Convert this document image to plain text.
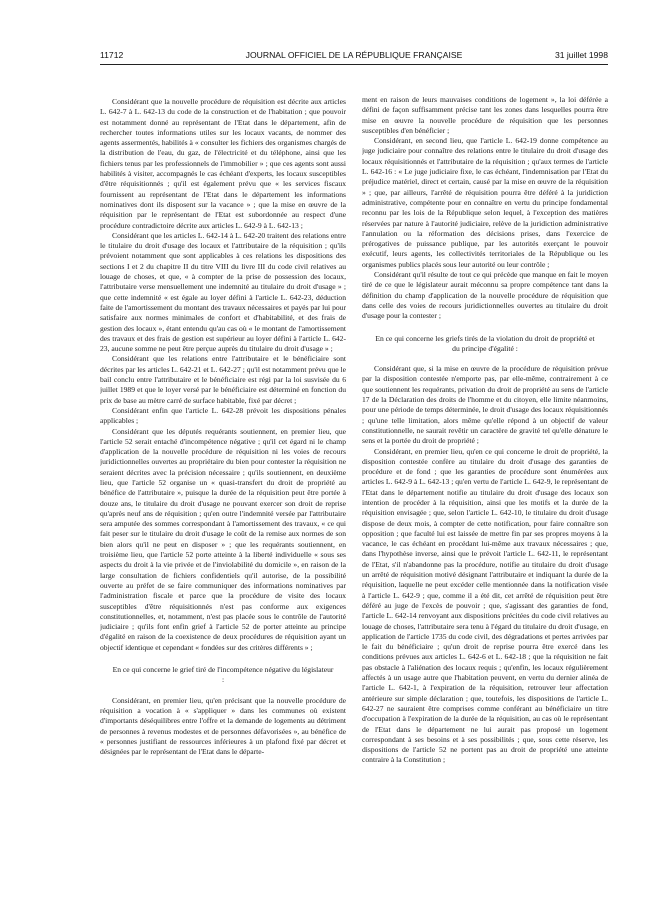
11712	JOURNAL OFFICIEL DE LA RÉPUBLIQUE FRANÇAISE	31 juillet 1998

Considérant que la nouvelle procédure de réquisition est décrite aux articles L. 642-7 à L. 642-13 du code de la construction et de l'habitation ; que pouvoir est notamment donné au représentant de l'Etat dans le département, afin de rechercher toutes informations utiles sur les locaux vacants, de nommer des agents assermentés, habilités à « consulter les fichiers des organismes chargés de la distribution de l'eau, du gaz, de l'électricité et du téléphone, ainsi que les fichiers tenus par les professionnels de l'immobilier » ; que ces agents sont aussi habilités à visiter, accompagnés le cas échéant d'experts, les locaux susceptibles d'être réquisitionnés ; qu'il est également prévu que « les services fiscaux fournissent au représentant de l'Etat dans le département les informations nominatives dont ils disposent sur la vacance » ; que la mise en œuvre de la réquisition par le représentant de l'Etat est subordonnée au respect d'une procédure contradictoire décrite aux articles L. 642-9 à L. 642-13 ;

Considérant que les articles L. 642-14 à L. 642-20 traitent des relations entre le titulaire du droit d'usage des locaux et l'attributaire de la réquisition ; qu'ils prévoient notamment que sont applicables à ces relations les dispositions des sections I et 2 du chapitre II du titre VIII du livre III du code civil relatives au louage de choses, et que, « à compter de la prise de possession des locaux, l'attributaire verse mensuellement une indemnité au titulaire du droit d'usage » ; que cette indemnité « est égale au loyer défini à l'article L. 642-23, déduction faite de l'amortissement du montant des travaux nécessaires et payés par lui pour satisfaire aux normes minimales de confort et d'habitabilité, et des frais de gestion des locaux », étant entendu qu'au cas où « le montant de l'amortissement des travaux et des frais de gestion est supérieur au loyer défini à l'article L. 642-23, aucune somme ne peut être perçue auprès du titulaire du droit d'usage » ;

Considérant que les relations entre l'attributaire et le bénéficiaire sont décrites par les articles L. 642-21 et L. 642-27 ; qu'il est notamment prévu que le bail conclu entre l'attributaire et le bénéficiaire est régi par la loi susvisée du 6 juillet 1989 et que le loyer versé par le bénéficiaire est déterminé en fonction du prix de base au mètre carré de surface habitable, fixé par décret ;

Considérant enfin que l'article L. 642-28 prévoit les dispositions pénales applicables ;

Considérant que les députés requérants soutiennent, en premier lieu, que l'article 52 serait entaché d'incompétence négative ; qu'il cet égard ni le champ d'application de la nouvelle procédure de réquisition ni les voies de recours juridictionnelles ouvertes au propriétaire du bien pour contester la réquisition ne seraient décrites avec la précision nécessaire ; qu'ils soutiennent, en deuxième lieu, que l'article 52 organise un « quasi-transfert du droit de propriété au bénéfice de l'attributaire », puisque la durée de la réquisition peut être portée à douze ans, le titulaire du droit d'usage ne pouvant exercer son droit de reprise qu'après neuf ans de réquisition ; qu'en outre l'indemnité versée par l'attributaire sera amputée des sommes correspondant à l'amortissement des travaux, « ce qui fait peser sur le titulaire du droit d'usage le coût de la remise aux normes de son bien alors qu'il ne peut en disposer » ; que les requérants soutiennent, en troisième lieu, que l'article 52 porte atteinte à la liberté individuelle « sous ses aspects du droit à la vie privée et de l'inviolabilité du domicile », en raison de la large consultation de fichiers confidentiels qu'il autorise, de la possibilité ouverte au préfet de se faire communiquer des informations nominatives par l'administration fiscale et parce que la procédure de visite des locaux susceptibles d'être réquisitionnés n'est pas conforme aux exigences constitutionnelles, et, notamment, n'est pas placée sous le contrôle de l'autorité judiciaire ; qu'ils font enfin grief à l'article 52 de porter atteinte au principe d'égalité en raison de la coexistence de deux procédures de réquisition ayant un objectif identique et cependant « fondées sur des critères différents » ;

En ce qui concerne le grief tiré de l'incompétence négative du législateur :

Considérant, en premier lieu, qu'en précisant que la nouvelle procédure de réquisition a vocation à « s'appliquer » dans les communes où existent d'importants déséquilibres entre l'offre et la demande de logements au détriment de personnes à revenus modestes et de personnes défavorisées », au bénéfice de « personnes justifiant de ressources inférieures à un plafond fixé par décret et désignées par le représentant de l'Etat dans le départe-

ment en raison de leurs mauvaises conditions de logement », la loi déférée a défini de façon suffisamment précise tant les zones dans lesquelles pourra être mise en œuvre la nouvelle procédure de réquisition que les personnes susceptibles d'en bénéficier ;

Considérant, en second lieu, que l'article L. 642-19 donne compétence au juge judiciaire pour connaître des relations entre le titulaire du droit d'usage des locaux réquisitionnés et l'attributaire de la réquisition ; qu'aux termes de l'article L. 642-16 : « Le juge judiciaire fixe, le cas échéant, l'indemnisation par l'Etat du préjudice matériel, direct et certain, causé par la mise en œuvre de la réquisition » ; que, par ailleurs, l'arrêté de réquisition pourra être déféré à la juridiction administrative, compétente pour en connaître en vertu du principe fondamental reconnu par les lois de la République selon lequel, à l'exception des matières réservées par nature à l'autorité judiciaire, relève de la juridiction administrative l'annulation ou la réformation des décisions prises, dans l'exercice de prérogatives de puissance publique, par les autorités exerçant le pouvoir exécutif, leurs agents, les collectivités territoriales de la République ou les organismes publics placés sous leur autorité ou leur contrôle ;

Considérant qu'il résulte de tout ce qui précède que manque en fait le moyen tiré de ce que le législateur aurait méconnu sa propre compétence tant dans la définition du champ d'application de la nouvelle procédure de réquisition que dans celle des voies de recours juridictionnelles ouvertes au titulaire du droit d'usage pour la contester ;

En ce qui concerne les griefs tirés de la violation du droit de propriété et du principe d'égalité :

Considérant que, si la mise en œuvre de la procédure de réquisition prévue par la disposition contestée n'emporte pas, par elle-même, contrairement à ce que soutiennent les requérants, privation du droit de propriété au sens de l'article 17 de la Déclaration des droits de l'homme et du citoyen, elle limite néanmoins, pour une période de temps déterminée, le droit d'usage des locaux réquisitionnés ; qu'une telle limitation, alors même qu'elle répond à un objectif de valeur constitutionnelle, ne saurait revêtir un caractère de gravité tel qu'elle dénature le sens et la portée du droit de propriété ;

Considérant, en premier lieu, qu'en ce qui concerne le droit de propriété, la disposition contestée confère au titulaire du droit d'usage des garanties de procédure et de fond ; que les garanties de procédure sont énumérées aux articles L. 642-9 à L. 642-13 ; qu'en vertu de l'article L. 642-9, le représentant de l'Etat dans le département notifie au titulaire du droit d'usage des locaux son intention de procéder à la réquisition, ainsi que les motifs et la durée de la réquisition envisagée ; que, selon l'article L. 642-10, le titulaire du droit d'usage dispose de deux mois, à compter de cette notification, pour faire connaître son opposition ; que faculté lui est laissée de mettre fin par ses propres moyens à la vacance, le cas échéant en procédant lui-même aux travaux nécessaires ; que, dans l'hypothèse inverse, ainsi que le prévoit l'article L. 642-11, le représentant de l'Etat, s'il n'abandonne pas la procédure, notifie au titulaire du droit d'usage un arrêté de réquisition motivé désignant l'attributaire et indiquant la durée de la réquisition, laquelle ne peut excéder celle mentionnée dans la notification visée à l'article L. 642-9 ; que, comme il a été dit, cet arrêté de réquisition peut être déféré au juge de l'excès de pouvoir ; que, s'agissant des garanties de fond, l'article L. 642-14 renvoyant aux dispositions précitées du code civil relatives au louage de choses, l'attributaire sera tenu à l'égard du titulaire du droit d'usage, en application de l'article 1735 du code civil, des dégradations et pertes arrivées par le fait du bénéficiaire ; qu'un droit de reprise pourra être exercé dans les conditions prévues aux articles L. 642-6 et L. 642-18 ; que la réquisition ne fait pas obstacle à l'aliénation des locaux requis ; qu'enfin, les locaux régulièrement affectés à un usage autre que l'habitation peuvent, en vertu du dernier alinéa de l'article L. 642-1, à l'expiration de la réquisition, retrouver leur affectation antérieure sur simple déclaration ; que, toutefois, les dispositions de l'article L. 642-27 ne sauraient être comprises comme conférant au bénéficiaire un titre d'occupation à l'expiration de la durée de la réquisition, au cas où le représentant de l'Etat dans le département ne lui aurait pas proposé un logement correspondant à ses besoins et à ses possibilités ; que, sous cette réserve, les dispositions de l'article 52 ne portent pas au droit de propriété une atteinte contraire à la Constitution ;
